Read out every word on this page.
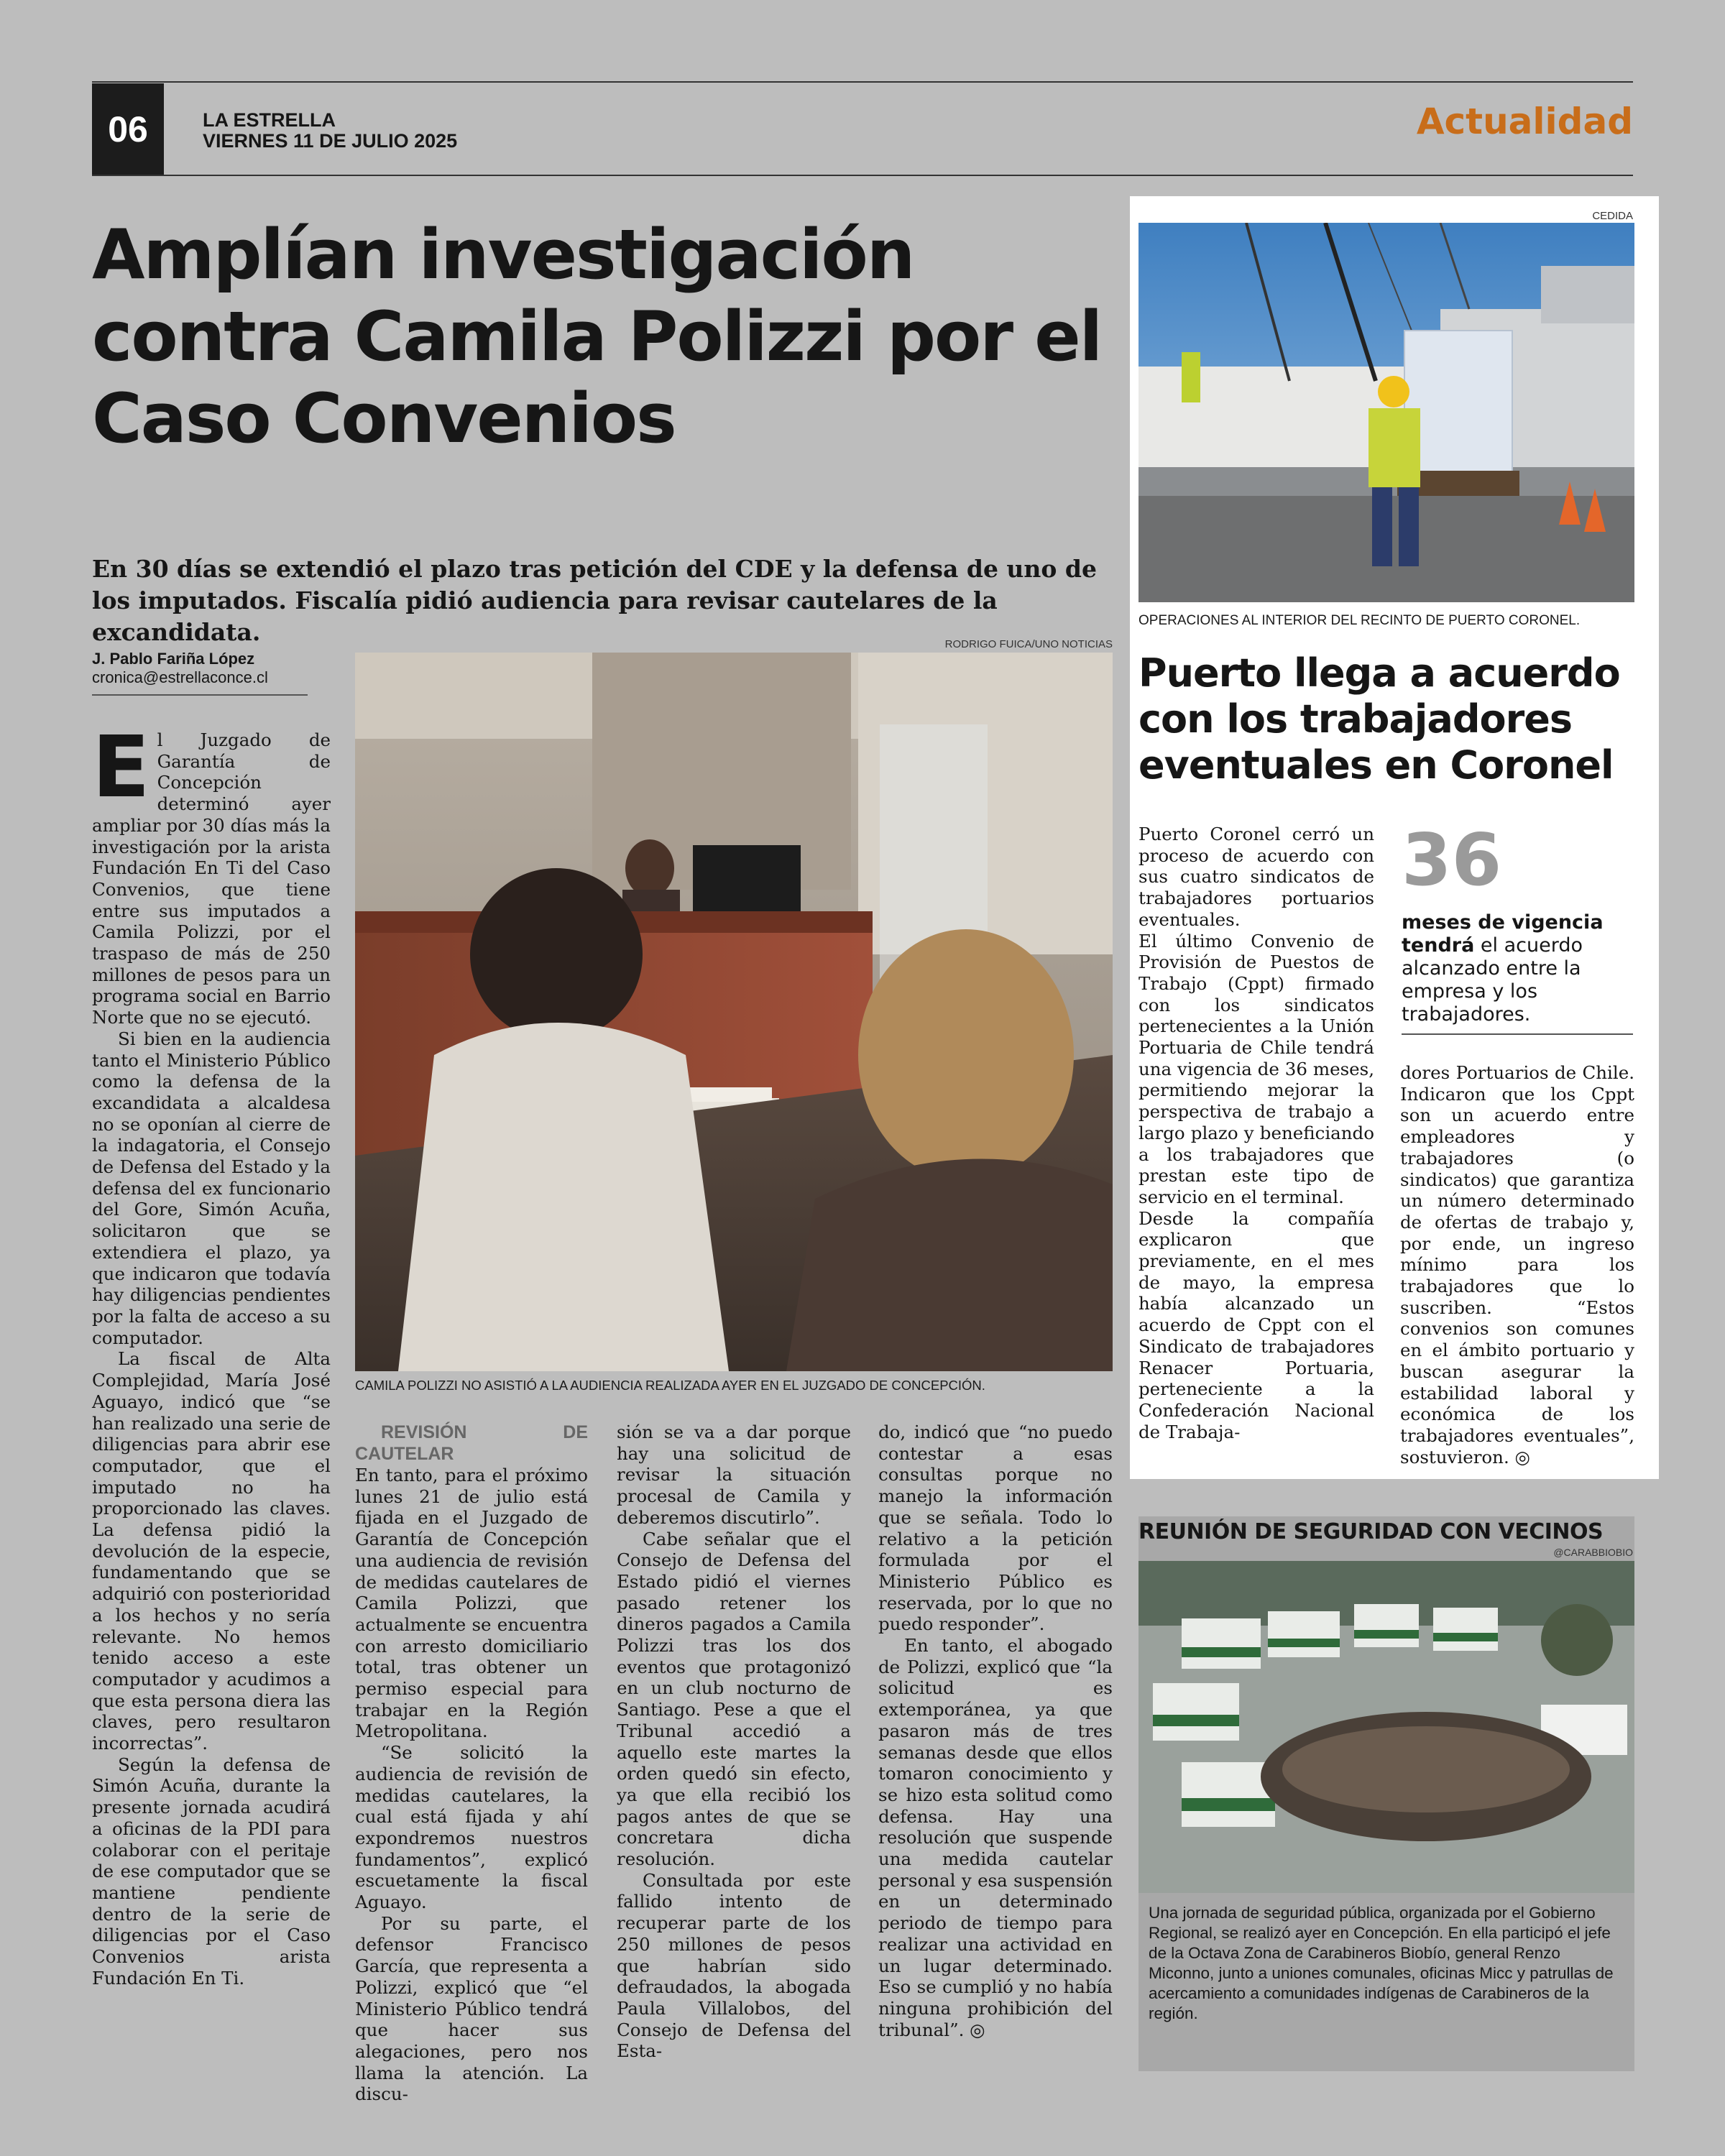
06	LA ESTRELLA
VIERNES 11 DE JULIO 2025	Actualidad
Amplían investigación contra Camila Polizzi por el Caso Convenios
En 30 días se extendió el plazo tras petición del CDE y la defensa de uno de los imputados. Fiscalía pidió audiencia para revisar cautelares de la excandidata.
J. Pablo Fariña López
cronica@estrellaconce.cl
RODRIGO FUICA/UNO NOTICIAS
CAMILA POLIZZI NO ASISTIÓ A LA AUDIENCIA REALIZADA AYER EN EL JUZGADO DE CONCEPCIÓN.

El Juzgado de Garantía de Concepción determinó ayer ampliar por 30 días más la investigación por la arista Fundación En Ti del Caso Convenios, que tiene entre sus imputados a Camila Polizzi, por el traspaso de más de 250 millones de pesos para un programa social en Barrio Norte que no se ejecutó.

Si bien en la audiencia tanto el Ministerio Público como la defensa de la excandidata a alcaldesa no se oponían al cierre de la indagatoria, el Consejo de Defensa del Estado y la defensa del ex funcionario del Gore, Simón Acuña, solicitaron que se extendiera el plazo, ya que indicaron que todavía hay diligencias pendientes por la falta de acceso a su computador.

La fiscal de Alta Complejidad, María José Aguayo, indicó que “se han realizado una serie de diligencias para abrir ese computador, que el imputado no ha proporcionado las claves. La defensa pidió la devolución de la especie, fundamentando que se adquirió con posterioridad a los hechos y no sería relevante. No hemos tenido acceso a este computador y acudimos a que esta persona diera las claves, pero resultaron incorrectas”.

Según la defensa de Simón Acuña, durante la presente jornada acudirá a oficinas de la PDI para colaborar con el peritaje de ese computador que se mantiene pendiente dentro de la serie de diligencias por el Caso Convenios arista Fundación En Ti.

REVISIÓN DE CAUTELAR

En tanto, para el próximo lunes 21 de julio está fijada en el Juzgado de Garantía de Concepción una audiencia de revisión de medidas cautelares de Camila Polizzi, que actualmente se encuentra con arresto domiciliario total, tras obtener un permiso especial para trabajar en la Región Metropolitana.

“Se solicitó la audiencia de revisión de medidas cautelares, la cual está fijada y ahí expondremos nuestros fundamentos”, explicó escuetamente la fiscal Aguayo.

Por su parte, el defensor Francisco García, que representa a Polizzi, explicó que “el Ministerio Público tendrá que hacer sus alegaciones, pero nos llama la atención. La discu-

sión se va a dar porque hay una solicitud de revisar la situación procesal de Camila y deberemos discutirlo”.

Cabe señalar que el Consejo de Defensa del Estado pidió el viernes pasado retener los dineros pagados a Camila Polizzi tras los dos eventos que protagonizó en un club nocturno de Santiago. Pese a que el Tribunal accedió a aquello este martes la orden quedó sin efecto, ya que ella recibió los pagos antes de que se concretara dicha resolución.

Consultada por este fallido intento de recuperar parte de los 250 millones de pesos que habrían sido defraudados, la abogada Paula Villalobos, del Consejo de Defensa del Esta-

do, indicó que “no puedo contestar a esas consultas porque no manejo la información que se señala. Todo lo relativo a la petición formulada por el Ministerio Público es reservada, por lo que no puedo responder”.

En tanto, el abogado de Polizzi, explicó que “la solicitud es extemporánea, ya que pasaron más de tres semanas desde que ellos tomaron conocimiento y se hizo esta solitud como defensa. Hay una resolución que suspende una medida cautelar personal y esa suspensión en un determinado periodo de tiempo para realizar una actividad en un lugar determinado. Eso se cumplió y no había ninguna prohibición del tribunal”. ◎

CEDIDA
OPERACIONES AL INTERIOR DEL RECINTO DE PUERTO CORONEL.
Puerto llega a acuerdo con los trabajadores eventuales en Coronel
36
meses de vigencia tendrá el acuerdo alcanzado entre la empresa y los trabajadores.

Puerto Coronel cerró un proceso de acuerdo con sus cuatro sindicatos de trabajadores portuarios eventuales.

El último Convenio de Provisión de Puestos de Trabajo (Cppt) firmado con los sindicatos pertenecientes a la Unión Portuaria de Chile tendrá una vigencia de 36 meses, permitiendo mejorar la perspectiva de trabajo a largo plazo y beneficiando a los trabajadores que prestan este tipo de servicio en el terminal.

Desde la compañía explicaron que previamente, en el mes de mayo, la empresa había alcanzado un acuerdo de Cppt con el Sindicato de trabajadores Renacer Portuaria, perteneciente a la Confederación Nacional de Trabaja-

dores Portuarios de Chile. Indicaron que los Cppt son un acuerdo entre empleadores y trabajadores (o sindicatos) que garantiza un número determinado de ofertas de trabajo y, por ende, un ingreso mínimo para los trabajadores que lo suscriben. “Estos convenios son comunes en el ámbito portuario y buscan asegurar la estabilidad laboral y económica de los trabajadores eventuales”, sostuvieron. ◎

REUNIÓN DE SEGURIDAD CON VECINOS
@CARABBIOBIO
Una jornada de seguridad pública, organizada por el Gobierno Regional, se realizó ayer en Concepción. En ella participó el jefe de la Octava Zona de Carabineros Biobío, general Renzo Miconno, junto a uniones comunales, oficinas Micc y patrullas de acercamiento a comunidades indígenas de Carabineros de la región.
